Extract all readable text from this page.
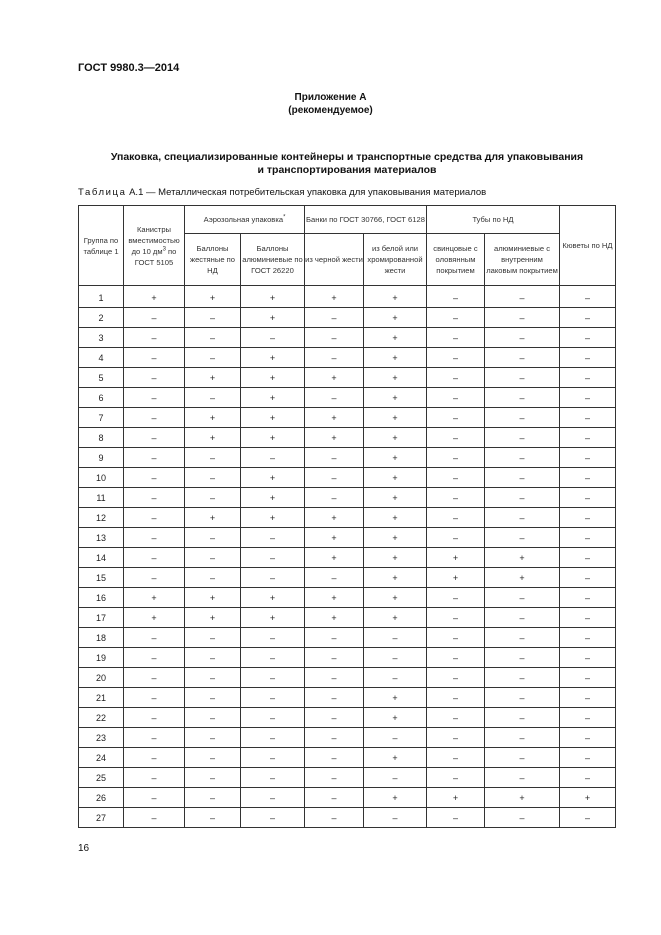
ГОСТ 9980.3—2014
Приложение А
(рекомендуемое)
Упаковка, специализированные контейнеры и транспортные средства для упаковывания
и транспортирования материалов
Таблица А.1 — Металлическая потребительская упаковка для упаковывания материалов
Группа по таблице 1	Канистры вместимостью до 10 $дм^3$ по ГОСТ 5105	Аэрозольная упаковка*		Банки по ГОСТ 30766, ГОСТ 6128		Тубы по НД		Кюветы по НД
		Баллоны жестяные по НД	Баллоны алюминиевые по ГОСТ 26220	из черной жести	из белой или хромированной жести	свинцовые с оловянным покрытием	алюминиевые с внутренним лаковым покрытием	
1	+	+	+	+	+	–	–	–
2	–	–	+	–	+	–	–	–
3	–	–	–	–	+	–	–	–
4	–	–	+	–	+	–	–	–
5	–	+	+	+	+	–	–	–
6	–	–	+	–	+	–	–	–
7	–	+	+	+	+	–	–	–
8	–	+	+	+	+	–	–	–
9	–	–	–	–	+	–	–	–
10	–	–	+	–	+	–	–	–
11	–	–	+	–	+	–	–	–
12	–	+	+	+	+	–	–	–
13	–	–	–	+	+	–	–	–
14	–	–	–	+	+	+	+	–
15	–	–	–	–	+	+	+	–
16	+	+	+	+	+	–	–	–
17	+	+	+	+	+	–	–	–
18	–	–	–	–	–	–	–	–
19	–	–	–	–	–	–	–	–
20	–	–	–	–	–	–	–	–
21	–	–	–	–	+	–	–	–
22	–	–	–	–	+	–	–	–
23	–	–	–	–	–	–	–	–
24	–	–	–	–	+	–	–	–
25	–	–	–	–	–	–	–	–
26	–	–	–	–	+	+	+	+
27	–	–	–	–	–	–	–	–
16
